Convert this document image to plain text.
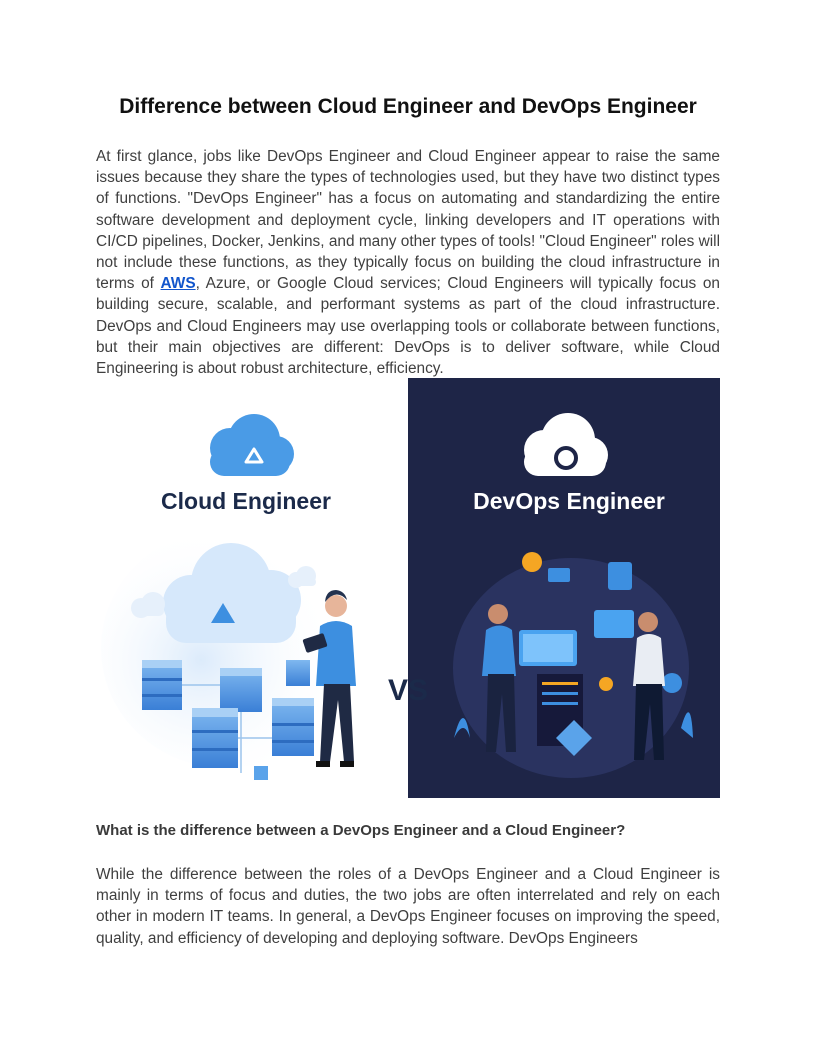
Difference between Cloud Engineer and DevOps Engineer

At first glance, jobs like DevOps Engineer and Cloud Engineer appear to raise the same issues because they share the types of technologies used, but they have two distinct types of functions. "DevOps Engineer" has a focus on automating and standardizing the entire software development and deployment cycle, linking developers and IT operations with CI/CD pipelines, Docker, Jenkins, and many other types of tools! "Cloud Engineer" roles will not include these functions, as they typically focus on building the cloud infrastructure in terms of AWS, Azure, or Google Cloud services; Cloud Engineers will typically focus on building secure, scalable, and performant systems as part of the cloud infrastructure. DevOps and Cloud Engineers may use overlapping tools or collaborate between functions, but their main objectives are different: DevOps is to deliver software, while Cloud Engineering is about robust architecture, efficiency.

Cloud Engineer	DevOps Engineer
VS

What is the difference between a DevOps Engineer and a Cloud Engineer?

While the difference between the roles of a DevOps Engineer and a Cloud Engineer is mainly in terms of focus and duties, the two jobs are often interrelated and rely on each other in modern IT teams. In general, a DevOps Engineer focuses on improving the speed, quality, and efficiency of developing and deploying software. DevOps Engineers
